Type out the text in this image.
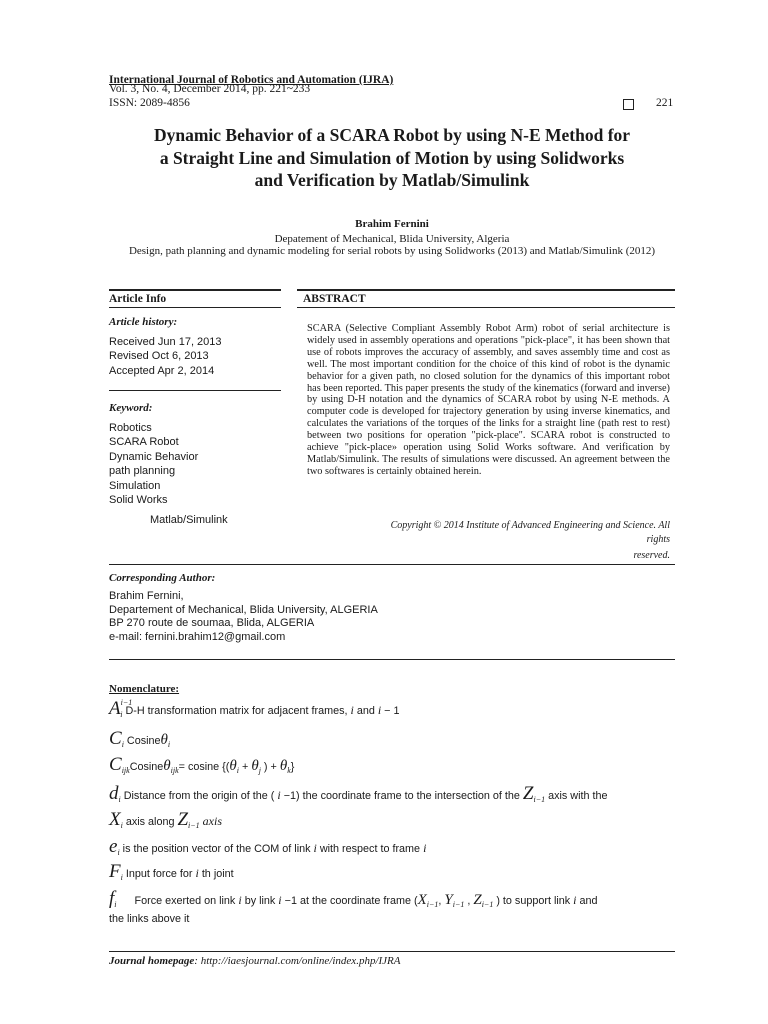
International Journal of Robotics and Automation (IJRA)
Vol. 3, No. 4, December 2014, pp. 221~233
ISSN: 2089-4856	221
Dynamic Behavior of a SCARA Robot by using N-E Method for
a Straight Line and Simulation of Motion by using Solidworks
and Verification by Matlab/Simulink
Brahim Fernini
Depatement of Mechanical, Blida University, Algeria
Design, path planning and dynamic modeling for serial robots by using Solidworks (2013) and Matlab/Simulink (2012)
Article Info
Article history:
Received Jun 17, 2013
Revised Oct 6, 2013
Accepted Apr 2, 2014
Keyword:
Robotics
SCARA Robot
Dynamic Behavior
path planning
Simulation
Solid Works
Matlab/Simulink
ABSTRACT
SCARA (Selective Compliant Assembly Robot Arm) robot of serial architecture is widely used in assembly operations and operations "pick-place", it has been shown that use of robots improves the accuracy of assembly, and saves assembly time and cost as well. The most important condition for the choice of this kind of robot is the dynamic behavior for a given path, no closed solution for the dynamics of this important robot has been reported. This paper presents the study of the kinematics (forward and inverse) by using D-H notation and the dynamics of SCARA robot by using N-E methods. A computer code is developed for trajectory generation by using inverse kinematics, and calculates the variations of the torques of the links for a straight line (path rest to rest) between two positions for operation "pick-place". SCARA robot is constructed to achieve "pick-place» operation using Solid Works software. And verification by Matlab/Simulink. The results of simulations were discussed. An agreement between the two softwares is certainly obtained herein.
Copyright © 2014 Institute of Advanced Engineering and Science. All rights
reserved.
Corresponding Author:
Brahim Fernini,
Departement of Mechanical, Blida University, ALGERIA
BP 270 route de soumaa, Blida, ALGERIA
e-mail: fernini.brahim12@gmail.com
Nomenclature:
$A^{i-1}_i$ D-H transformation matrix for adjacent frames, i and i − 1
$C_i$ Cosineθ$_i$
$C_{ijk}Cosine\theta_{ijk}= cosine$ {($\theta_i + \theta_j$ ) + $\theta_k$}
$d_i$ Distance from the origin of the ( i −1) the coordinate frame to the intersection of the $Z_{i-1}$ axis with the
$X_i$ axis along $Z_{i-1}$ axis
$e_i$ is the position vector of the COM of link i with respect to frame i
$F_i$ Input force for i th joint
$f_i$ Force exerted on link i by link i −1 at the coordinate frame ($X_{i-1}$, $Y_{i-1}$ , $Z_{i-1}$ ) to support link i and
the links above it
Journal homepage: http://iaesjournal.com/online/index.php/IJRA
